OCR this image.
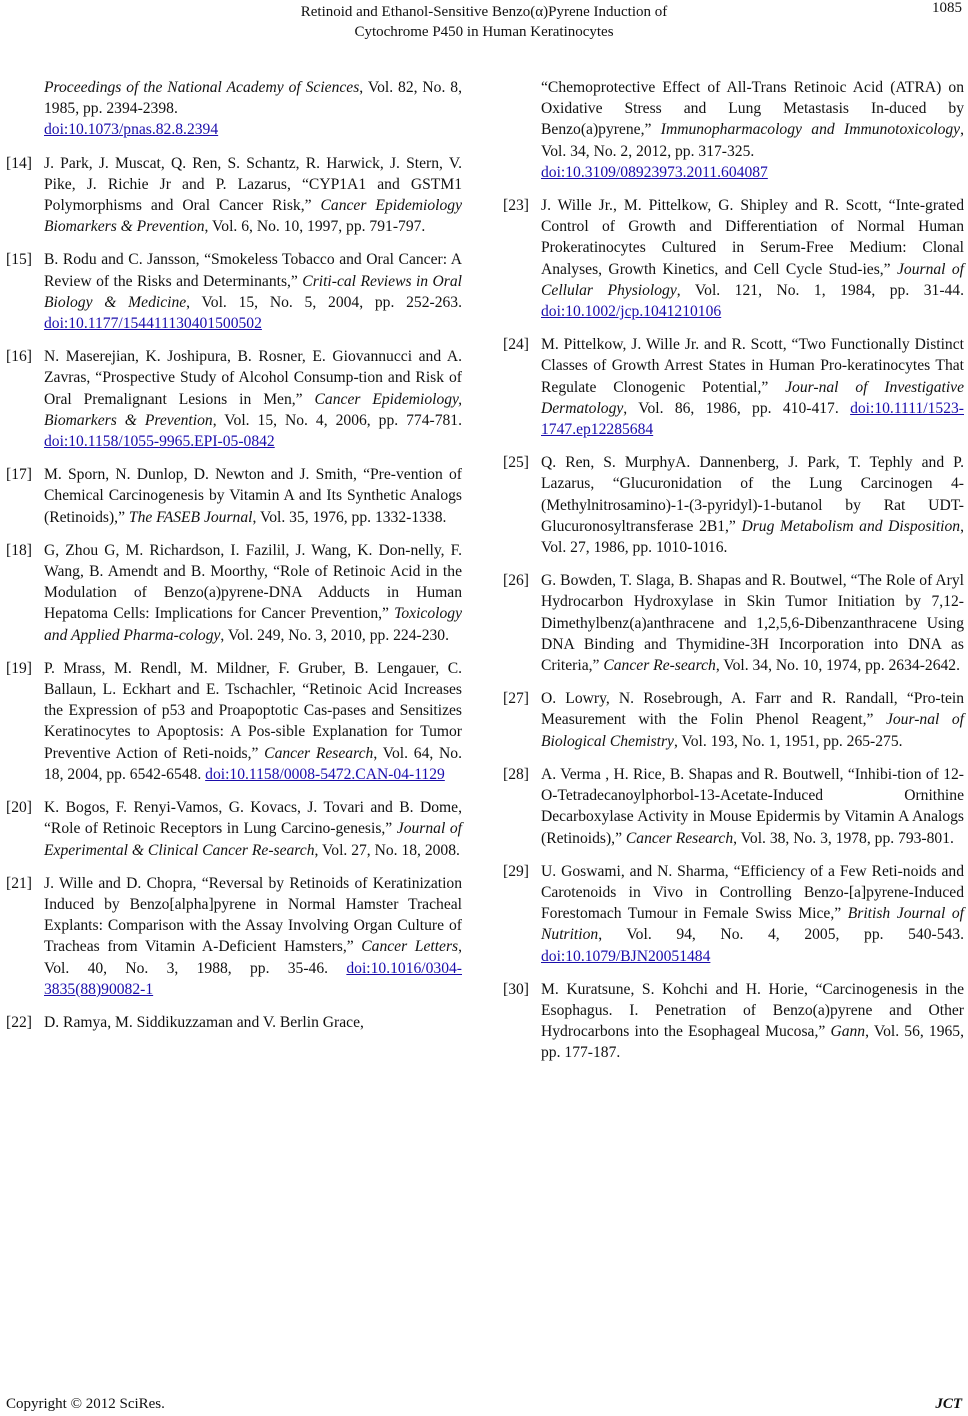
Retinoid and Ethanol-Sensitive Benzo(α)Pyrene Induction of
Cytochrome P450 in Human Keratinocytes
1085
Proceedings of the National Academy of Sciences, Vol. 82, No. 8, 1985, pp. 2394-2398.
doi:10.1073/pnas.82.8.2394
[14] J. Park, J. Muscat, Q. Ren, S. Schantz, R. Harwick, J. Stern, V. Pike, J. Richie Jr and P. Lazarus, “CYP1A1 and GSTM1 Polymorphisms and Oral Cancer Risk,” Cancer Epidemiology Biomarkers & Prevention, Vol. 6, No. 10, 1997, pp. 791-797.
[15] B. Rodu and C. Jansson, “Smokeless Tobacco and Oral Cancer: A Review of the Risks and Determinants,” Criti-cal Reviews in Oral Biology & Medicine, Vol. 15, No. 5, 2004, pp. 252-263. doi:10.1177/154411130401500502
[16] N. Maserejian, K. Joshipura, B. Rosner, E. Giovannucci and A. Zavras, “Prospective Study of Alcohol Consump-tion and Risk of Oral Premalignant Lesions in Men,” Cancer Epidemiology, Biomarkers & Prevention, Vol. 15, No. 4, 2006, pp. 774-781. doi:10.1158/1055-9965.EPI-05-0842
[17] M. Sporn, N. Dunlop, D. Newton and J. Smith, “Pre-vention of Chemical Carcinogenesis by Vitamin A and Its Synthetic Analogs (Retinoids),” The FASEB Journal, Vol. 35, 1976, pp. 1332-1338.
[18] G, Zhou G, M. Richardson, I. Fazilil, J. Wang, K. Don-nelly, F. Wang, B. Amendt and B. Moorthy, “Role of Retinoic Acid in the Modulation of Benzo(a)pyrene-DNA Adducts in Human Hepatoma Cells: Implications for Cancer Prevention,” Toxicology and Applied Pharma-cology, Vol. 249, No. 3, 2010, pp. 224-230.
[19] P. Mrass, M. Rendl, M. Mildner, F. Gruber, B. Lengauer, C. Ballaun, L. Eckhart and E. Tschachler, “Retinoic Acid Increases the Expression of p53 and Proapoptotic Cas-pases and Sensitizes Keratinocytes to Apoptosis: A Pos-sible Explanation for Tumor Preventive Action of Reti-noids,” Cancer Research, Vol. 64, No. 18, 2004, pp. 6542-6548. doi:10.1158/0008-5472.CAN-04-1129
[20] K. Bogos, F. Renyi-Vamos, G. Kovacs, J. Tovari and B. Dome, “Role of Retinoic Receptors in Lung Carcino-genesis,” Journal of Experimental & Clinical Cancer Re-search, Vol. 27, No. 18, 2008.
[21] J. Wille and D. Chopra, “Reversal by Retinoids of Keratinization Induced by Benzo[alpha]pyrene in Normal Hamster Tracheal Explants: Comparison with the Assay Involving Organ Culture of Tracheas from Vitamin A-Deficient Hamsters,” Cancer Letters, Vol. 40, No. 3, 1988, pp. 35-46. doi:10.1016/0304-3835(88)90082-1
[22] D. Ramya, M. Siddikuzzaman and V. Berlin Grace,
“Chemoprotective Effect of All-Trans Retinoic Acid (ATRA) on Oxidative Stress and Lung Metastasis In-duced by Benzo(a)pyrene,” Immunopharmacology and Immunotoxicology, Vol. 34, No. 2, 2012, pp. 317-325.
doi:10.3109/08923973.2011.604087
[23] J. Wille Jr., M. Pittelkow, G. Shipley and R. Scott, “Inte-grated Control of Growth and Differentiation of Normal Human Prokeratinocytes Cultured in Serum-Free Medium: Clonal Analyses, Growth Kinetics, and Cell Cycle Stud-ies,” Journal of Cellular Physiology, Vol. 121, No. 1, 1984, pp. 31-44. doi:10.1002/jcp.1041210106
[24] M. Pittelkow, J. Wille Jr. and R. Scott, “Two Functionally Distinct Classes of Growth Arrest States in Human Pro-keratinocytes That Regulate Clonogenic Potential,” Jour-nal of Investigative Dermatology, Vol. 86, 1986, pp. 410-417. doi:10.1111/1523-1747.ep12285684
[25] Q. Ren, S. MurphyA. Dannenberg, J. Park, T. Tephly and P. Lazarus, “Glucuronidation of the Lung Carcinogen 4-(Methylnitrosamino)-1-(3-pyridyl)-1-butanol by Rat UDT-Glucuronosyltransferase 2B1,” Drug Metabolism and Disposition, Vol. 27, 1986, pp. 1010-1016.
[26] G. Bowden, T. Slaga, B. Shapas and R. Boutwel, “The Role of Aryl Hydrocarbon Hydroxylase in Skin Tumor Initiation by 7,12-Dimethylbenz(a)anthracene and 1,2,5,6-Dibenzanthracene Using DNA Binding and Thymidine-3H Incorporation into DNA as Criteria,” Cancer Re-search, Vol. 34, No. 10, 1974, pp. 2634-2642.
[27] O. Lowry, N. Rosebrough, A. Farr and R. Randall, “Pro-tein Measurement with the Folin Phenol Reagent,” Jour-nal of Biological Chemistry, Vol. 193, No. 1, 1951, pp. 265-275.
[28] A. Verma , H. Rice, B. Shapas and R. Boutwell, “Inhibi-tion of 12-O-Tetradecanoylphorbol-13-Acetate-Induced Ornithine Decarboxylase Activity in Mouse Epidermis by Vitamin A Analogs (Retinoids),” Cancer Research, Vol. 38, No. 3, 1978, pp. 793-801.
[29] U. Goswami, and N. Sharma, “Efficiency of a Few Reti-noids and Carotenoids in Vivo in Controlling Benzo-[a]pyrene-Induced Forestomach Tumour in Female Swiss Mice,” British Journal of Nutrition, Vol. 94, No. 4, 2005, pp. 540-543. doi:10.1079/BJN20051484
[30] M. Kuratsune, S. Kohchi and H. Horie, “Carcinogenesis in the Esophagus. I. Penetration of Benzo(a)pyrene and Other Hydrocarbons into the Esophageal Mucosa,” Gann, Vol. 56, 1965, pp. 177-187.
Copyright © 2012 SciRes.	JCT
